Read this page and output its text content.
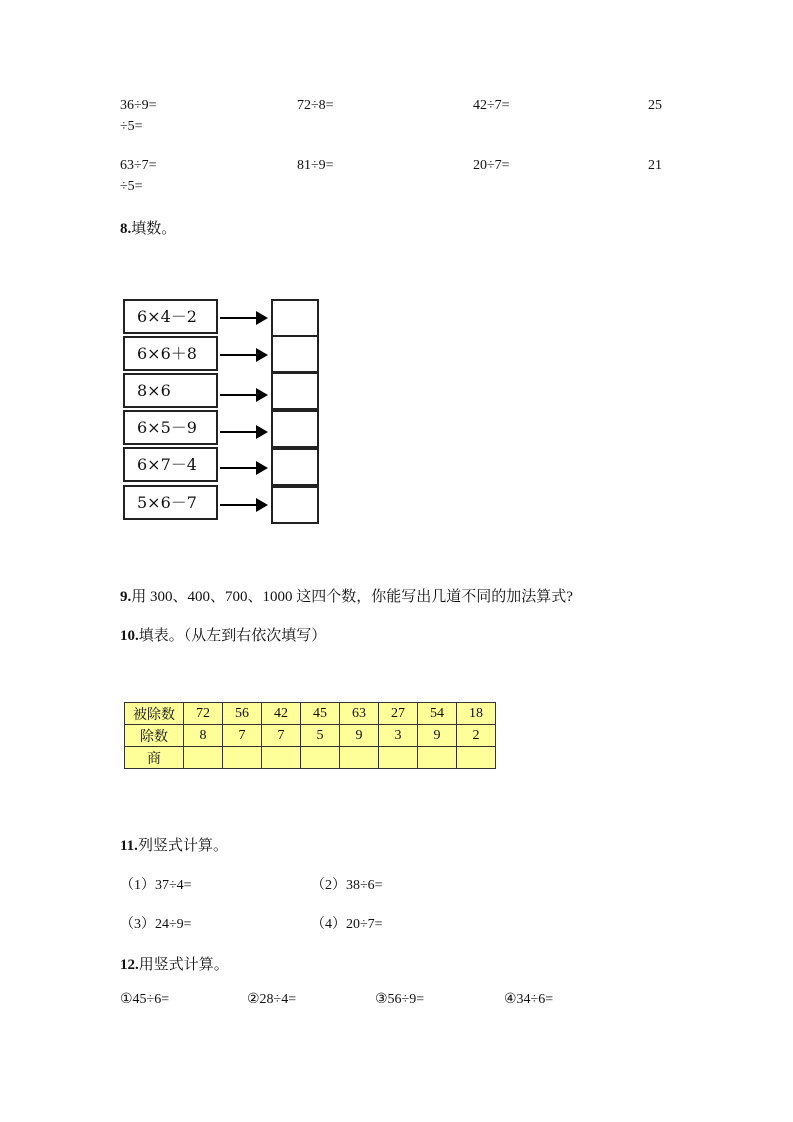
36÷9=	72÷8=	42÷7=	25
÷5=
63÷7=	81÷9=	20÷7=	21
÷5=
8.填数。
6×4－2
6×6＋8
8×6
6×5－9
6×7－4
5×6－7
9.用 300、400、700、1000 这四个数，你能写出几道不同的加法算式?
10.填表。（从左到右依次填写）
被除数	72	56	42	45	63	27	54	18
除数	8	7	7	5	9	3	9	2
商								
11.列竖式计算。
（1）37÷4=	（2）38÷6=
（3）24÷9=	（4）20÷7=
12.用竖式计算。
①45÷6=	②28÷4=	③56÷9=	④34÷6=
